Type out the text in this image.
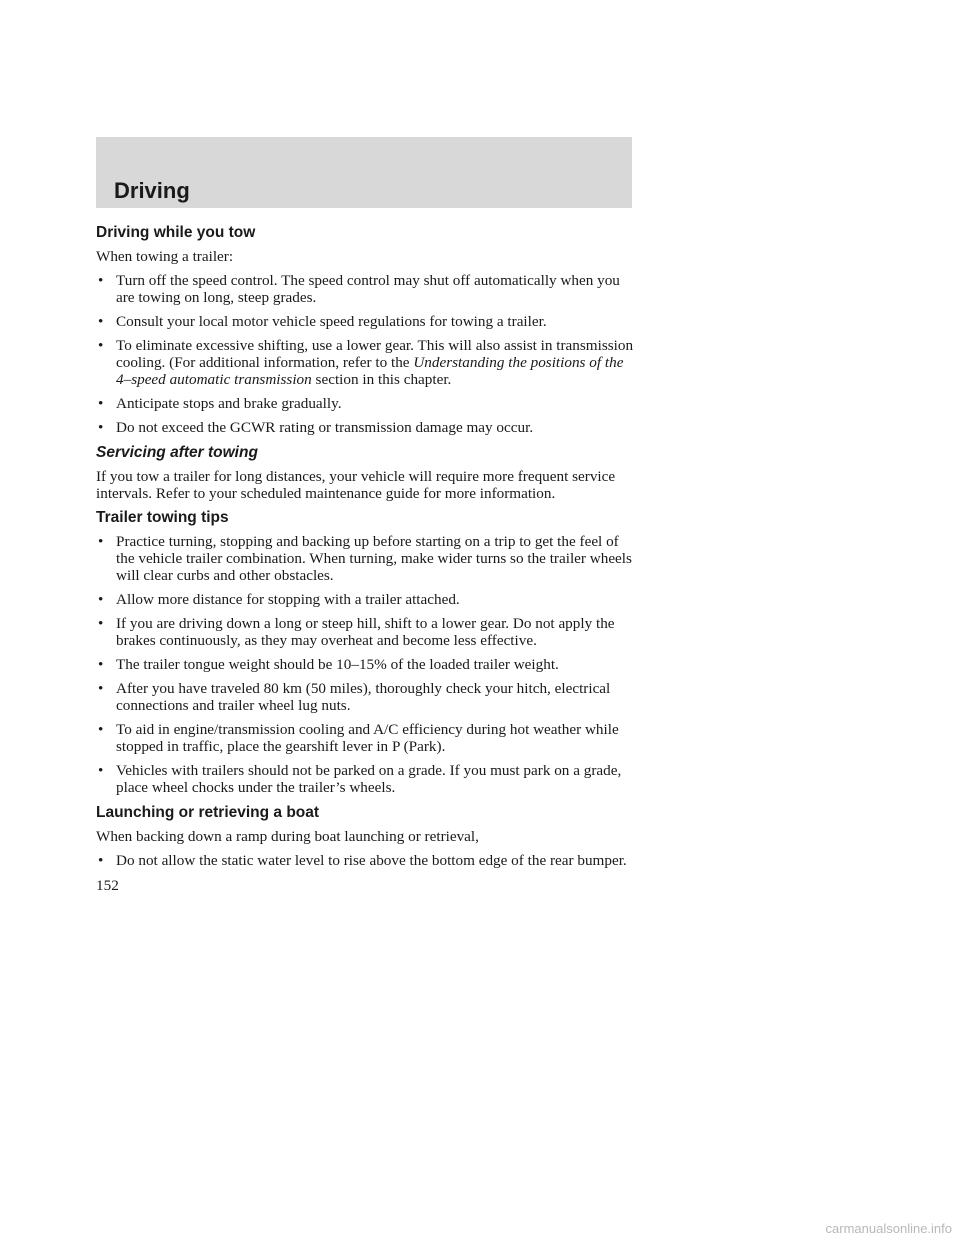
Driving
Driving while you tow

When towing a trailer:

• Turn off the speed control. The speed control may shut off automatically when you are towing on long, steep grades.
• Consult your local motor vehicle speed regulations for towing a trailer.
• To eliminate excessive shifting, use a lower gear. This will also assist in transmission cooling. (For additional information, refer to the Understanding the positions of the 4–speed automatic transmission section in this chapter.
• Anticipate stops and brake gradually.
• Do not exceed the GCWR rating or transmission damage may occur.
Servicing after towing

If you tow a trailer for long distances, your vehicle will require more frequent service intervals. Refer to your scheduled maintenance guide for more information.

Trailer towing tips
• Practice turning, stopping and backing up before starting on a trip to get the feel of the vehicle trailer combination. When turning, make wider turns so the trailer wheels will clear curbs and other obstacles.
• Allow more distance for stopping with a trailer attached.
• If you are driving down a long or steep hill, shift to a lower gear. Do not apply the brakes continuously, as they may overheat and become less effective.
• The trailer tongue weight should be 10–15% of the loaded trailer weight.
• After you have traveled 80 km (50 miles), thoroughly check your hitch, electrical connections and trailer wheel lug nuts.
• To aid in engine/transmission cooling and A/C efficiency during hot weather while stopped in traffic, place the gearshift lever in P (Park).
• Vehicles with trailers should not be parked on a grade. If you must park on a grade, place wheel chocks under the trailer’s wheels.
Launching or retrieving a boat

When backing down a ramp during boat launching or retrieval,

• Do not allow the static water level to rise above the bottom edge of the rear bumper.
152
carmanualsonline.info
